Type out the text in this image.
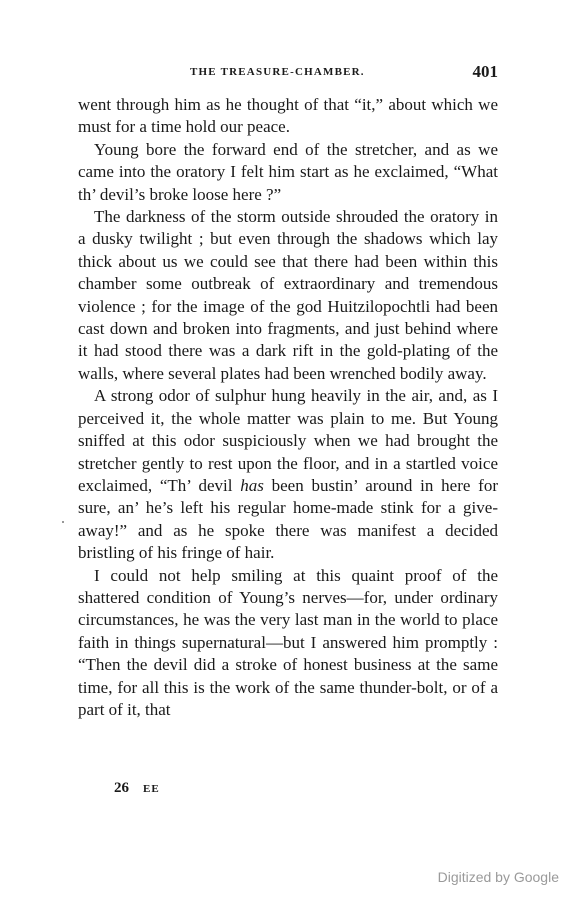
THE TREASURE-CHAMBER.	401

went through him as he thought of that “it,” about which we must for a time hold our peace.

Young bore the forward end of the stretcher, and as we came into the oratory I felt him start as he exclaimed, “What th’ devil’s broke loose here ?”

The darkness of the storm outside shrouded the oratory in a dusky twilight ; but even through the shadows which lay thick about us we could see that there had been within this chamber some outbreak of extraordinary and tremendous violence ; for the image of the god Huitzilopochtli had been cast down and broken into fragments, and just behind where it had stood there was a dark rift in the gold-plating of the walls, where several plates had been wrenched bodily away.

A strong odor of sulphur hung heavily in the air, and, as I perceived it, the whole matter was plain to me. But Young sniffed at this odor suspiciously when we had brought the stretcher gently to rest upon the floor, and in a startled voice exclaimed, “Th’ devil has been bustin’ around in here for sure, an’ he’s left his regular home-made stink for a give-away!” and as he spoke there was manifest a decided bristling of his fringe of hair.

I could not help smiling at this quaint proof of the shattered condition of Young’s nerves—for, under ordinary circumstances, he was the very last man in the world to place faith in things supernatural—but I answered him promptly : “Then the devil did a stroke of honest business at the same time, for all this is the work of the same thunder-bolt, or of a part of it, that

26 EE
Digitized by Google
